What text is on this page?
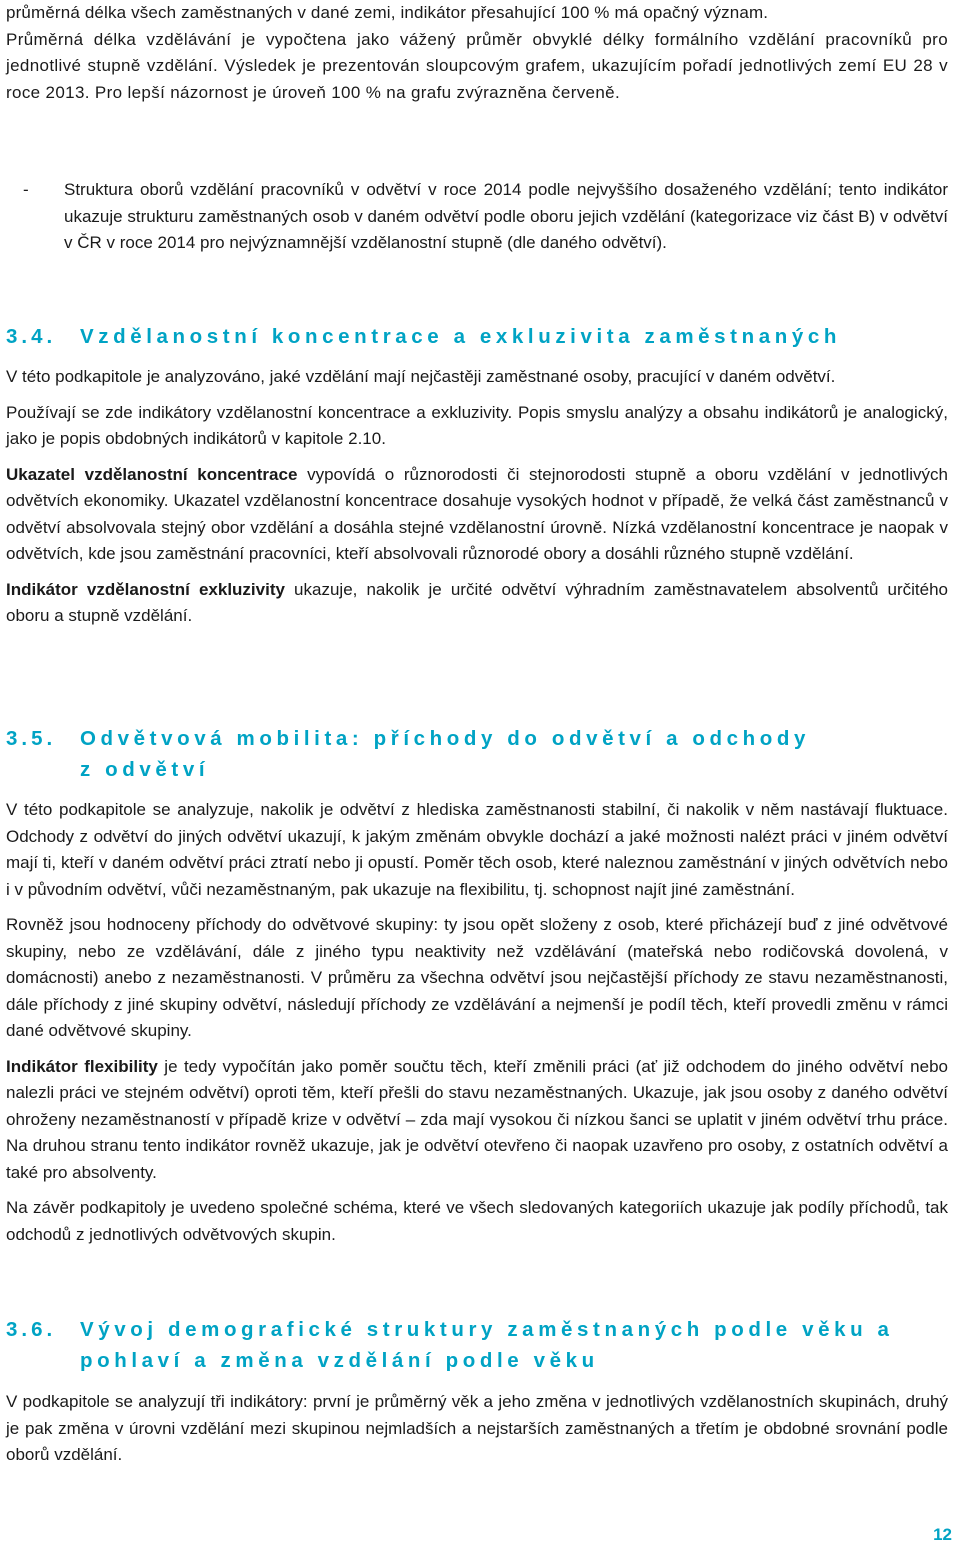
průměrná délka všech zaměstnaných v dané zemi, indikátor přesahující 100 % má opačný význam.

Průměrná délka vzdělávání je vypočtena jako vážený průměr obvyklé délky formálního vzdělání pracovníků pro jednotlivé stupně vzdělání. Výsledek je prezentován sloupcovým grafem, ukazujícím pořadí jednotlivých zemí EU 28 v roce 2013. Pro lepší názornost je úroveň 100 % na grafu zvýrazněna červeně.

- Struktura oborů vzdělání pracovníků v odvětví v roce 2014 podle nejvyššího dosaženého vzdělání; tento indikátor ukazuje strukturu zaměstnaných osob v daném odvětví podle oboru jejich vzdělání (kategorizace viz část B) v odvětví v ČR v roce 2014 pro nejvýznamnější vzdělanostní stupně (dle daného odvětví).

3.4. Vzdělanostní koncentrace a exkluzivita zaměstnaných

V této podkapitole je analyzováno, jaké vzdělání mají nejčastěji zaměstnané osoby, pracující v daném odvětví.

Používají se zde indikátory vzdělanostní koncentrace a exkluzivity. Popis smyslu analýzy a obsahu indikátorů je analogický, jako je popis obdobných indikátorů v kapitole 2.10.

Ukazatel vzdělanostní koncentrace vypovídá o různorodosti či stejnorodosti stupně a oboru vzdělání v jednotlivých odvětvích ekonomiky. Ukazatel vzdělanostní koncentrace dosahuje vysokých hodnot v případě, že velká část zaměstnanců v odvětví absolvovala stejný obor vzdělání a dosáhla stejné vzdělanostní úrovně. Nízká vzdělanostní koncentrace je naopak v odvětvích, kde jsou zaměstnání pracovníci, kteří absolvovali různorodé obory a dosáhli různého stupně vzdělání.

Indikátor vzdělanostní exkluzivity ukazuje, nakolik je určité odvětví výhradním zaměstnavatelem absolventů určitého oboru a stupně vzdělání.

3.5. Odvětvová mobilita: příchody do odvětví a odchody
z odvětví

V této podkapitole se analyzuje, nakolik je odvětví z hlediska zaměstnanosti stabilní, či nakolik v něm nastávají fluktuace. Odchody z odvětví do jiných odvětví ukazují, k jakým změnám obvykle dochází a jaké možnosti nalézt práci v jiném odvětví mají ti, kteří v daném odvětví práci ztratí nebo ji opustí. Poměr těch osob, které naleznou zaměstnání v jiných odvětvích nebo i v původním odvětví, vůči nezaměstnaným, pak ukazuje na flexibilitu, tj. schopnost najít jiné zaměstnání.

Rovněž jsou hodnoceny příchody do odvětvové skupiny: ty jsou opět složeny z osob, které přicházejí buď z jiné odvětvové skupiny, nebo ze vzdělávání, dále z jiného typu neaktivity než vzdělávání (mateřská nebo rodičovská dovolená, v domácnosti) anebo z nezaměstnanosti. V průměru za všechna odvětví jsou nejčastější příchody ze stavu nezaměstnanosti, dále příchody z jiné skupiny odvětví, následují příchody ze vzdělávání a nejmenší je podíl těch, kteří provedli změnu v rámci dané odvětvové skupiny.

Indikátor flexibility je tedy vypočítán jako poměr součtu těch, kteří změnili práci (ať již odchodem do jiného odvětví nebo nalezli práci ve stejném odvětví) oproti těm, kteří přešli do stavu nezaměstnaných. Ukazuje, jak jsou osoby z daného odvětví ohroženy nezaměstnaností v případě krize v odvětví – zda mají vysokou či nízkou šanci se uplatit v jiném odvětví trhu práce. Na druhou stranu tento indikátor rovněž ukazuje, jak je odvětví otevřeno či naopak uzavřeno pro osoby, z ostatních odvětví a také pro absolventy.

Na závěr podkapitoly je uvedeno společné schéma, které ve všech sledovaných kategoriích ukazuje jak podíly příchodů, tak odchodů z jednotlivých odvětvových skupin.

3.6. Vývoj demografické struktury zaměstnaných podle věku a
pohlaví a změna vzdělání podle věku

V podkapitole se analyzují tři indikátory: první je průměrný věk a jeho změna v jednotlivých vzdělanostních skupinách, druhý je pak změna v úrovni vzdělání mezi skupinou nejmladších a nejstarších zaměstnaných a třetím je obdobné srovnání podle oborů vzdělání.

12
